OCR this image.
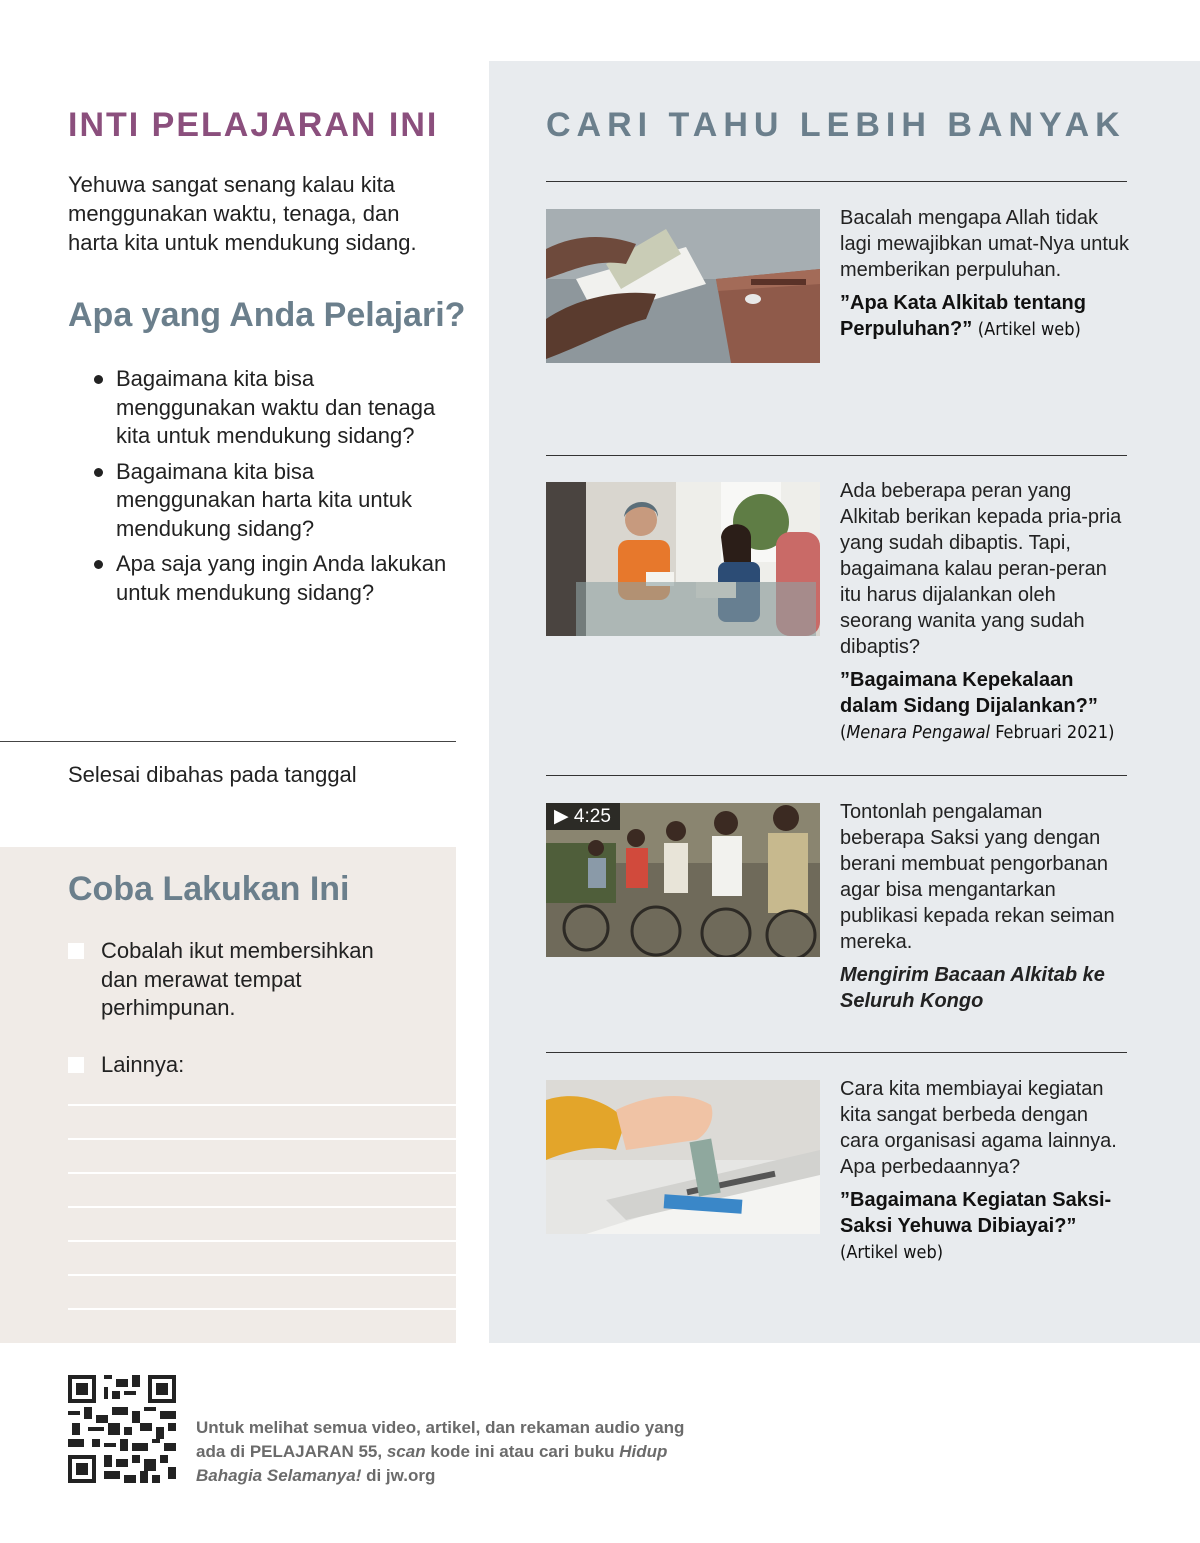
INTI PELAJARAN INI

Yehuwa sangat senang kalau kita menggunakan waktu, tenaga, dan harta kita untuk mendukung sidang.

Apa yang Anda Pelajari?
Bagaimana kita bisa menggunakan waktu dan tenaga kita untuk mendukung sidang?
Bagaimana kita bisa menggunakan harta kita untuk mendukung sidang?
Apa saja yang ingin Anda lakukan untuk mendukung sidang?
Selesai dibahas pada tanggal
Coba Lakukan Ini
Cobalah ikut membersihkan dan merawat tempat perhimpunan.
Lainnya:
CARI TAHU LEBIH BANYAK
Bacalah mengapa Allah tidak lagi mewajibkan umat-Nya untuk memberikan perpuluhan.
”Apa Kata Alkitab tentang Perpuluhan?” (Artikel web)
Ada beberapa peran yang Alkitab berikan kepada pria-pria yang sudah dibaptis. Tapi, bagaimana kalau peran-peran itu harus dijalankan oleh seorang wanita yang sudah dibaptis?
”Bagaimana Kepekalaan dalam Sidang Dijalankan?”
(Menara Pengawal Februari 2021)
▶ 4:25	Tontonlah pengalaman beberapa Saksi yang dengan berani membuat pengorbanan agar bisa mengantarkan publikasi kepada rekan seiman mereka.
Mengirim Bacaan Alkitab ke Seluruh Kongo
Cara kita membiayai kegiatan kita sangat berbeda dengan cara organisasi agama lainnya. Apa perbedaannya?
”Bagaimana Kegiatan Saksi-Saksi Yehuwa Dibiayai?” (Artikel web)
Untuk melihat semua video, artikel, dan rekaman audio yang ada di PELAJARAN 55, scan kode ini atau cari buku Hidup Bahagia Selamanya! di jw.org
